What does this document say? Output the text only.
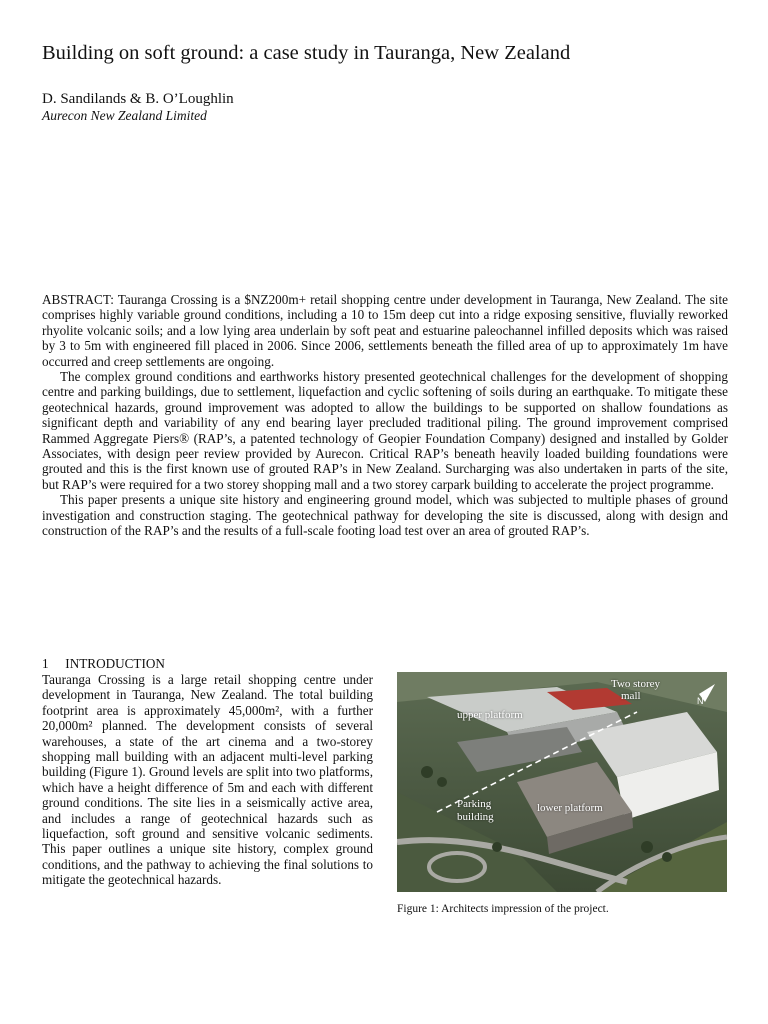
Building on soft ground: a case study in Tauranga, New Zealand
D. Sandilands & B. O’Loughlin
Aurecon New Zealand Limited

ABSTRACT: Tauranga Crossing is a $NZ200m+ retail shopping centre under development in Tauranga, New Zealand. The site comprises highly variable ground conditions, including a 10 to 15m deep cut into a ridge exposing sensitive, fluvially reworked rhyolite volcanic soils; and a low lying area underlain by soft peat and estuarine paleochannel infilled deposits which was raised by 3 to 5m with engineered fill placed in 2006. Since 2006, settlements beneath the filled area of up to approximately 1m have occurred and creep settlements are ongoing.

The complex ground conditions and earthworks history presented geotechnical challenges for the development of shopping centre and parking buildings, due to settlement, liquefaction and cyclic softening of soils during an earthquake. To mitigate these geotechnical hazards, ground improvement was adopted to allow the buildings to be supported on shallow foundations as significant depth and variability of any end bearing layer precluded traditional piling. The ground improvement comprised Rammed Aggregate Piers® (RAP’s, a patented technology of Geopier Foundation Company) designed and installed by Golder Associates, with design peer review provided by Aurecon. Critical RAP’s beneath heavily loaded building foundations were grouted and this is the first known use of grouted RAP’s in New Zealand. Surcharging was also undertaken in parts of the site, but RAP’s were required for a two storey shopping mall and a two storey carpark building to accelerate the project programme.

This paper presents a unique site history and engineering ground model, which was subjected to multiple phases of ground investigation and construction staging. The geotechnical pathway for developing the site is discussed, along with design and construction of the RAP’s and the results of a full-scale footing load test over an area of grouted RAP’s.

1 INTRODUCTION

Tauranga Crossing is a large retail shopping centre under development in Tauranga, New Zealand. The total building footprint area is approximately 45,000m², with a further 20,000m² planned. The development consists of several warehouses, a state of the art cinema and a two-storey shopping mall building with an adjacent multi-level parking building (Figure 1). Ground levels are split into two platforms, which have a height difference of 5m and each with different ground conditions. The site lies in a seismically active area, and includes a range of geotechnical hazards such as liquefaction, soft ground and sensitive volcanic sediments. This paper outlines a unique site history, complex ground conditions, and the pathway to achieving the final solutions to mitigate the geotechnical hazards.

N
Two storey
mall
upper platform
Parking
building
lower platform
Figure 1: Architects impression of the project.
